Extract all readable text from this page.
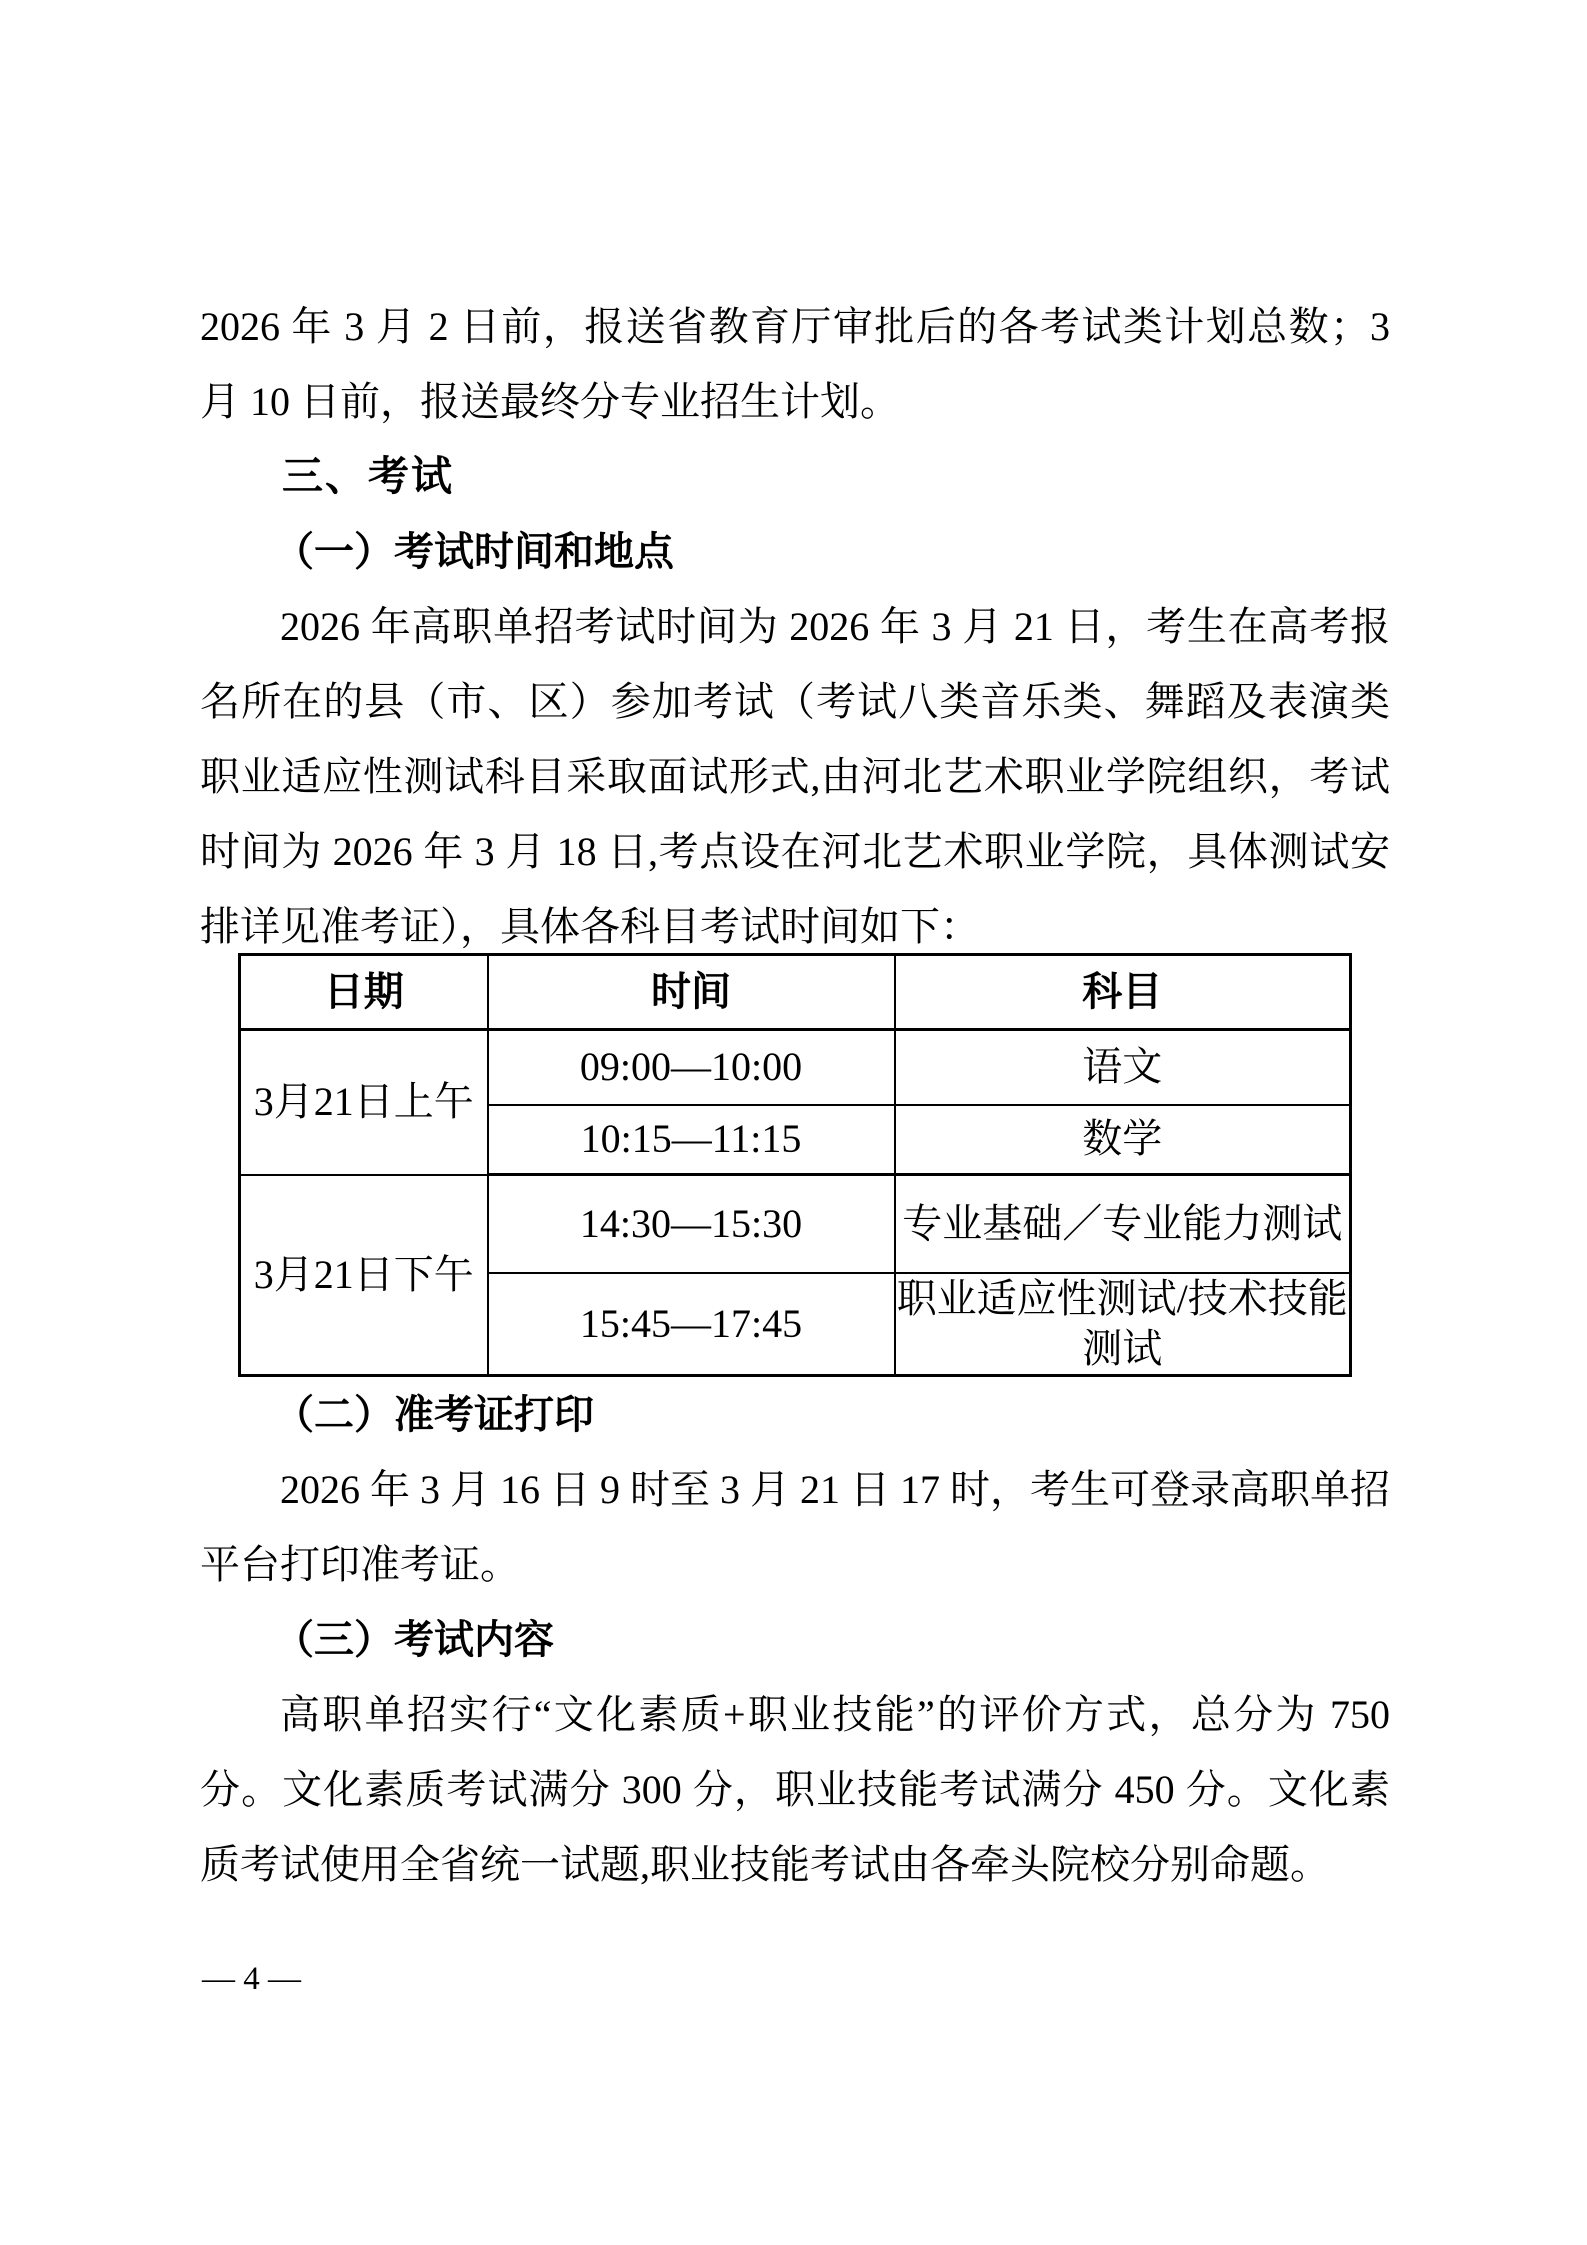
2026 年 3 月 2 日前，报送省教育厅审批后的各考试类计划总数；3 月 10 日前，报送最终分专业招生计划。

三、考试
（一）考试时间和地点

2026 年高职单招考试时间为 2026 年 3 月 21 日，考生在高考报名所在的县（市、区）参加考试（考试八类音乐类、舞蹈及表演类职业适应性测试科目采取面试形式,由河北艺术职业学院组织，考试时间为 2026 年 3 月 18 日,考点设在河北艺术职业学院，具体测试安排详见准考证），具体各科目考试时间如下：

日期	时间	科目
3月21日上午	09:00—10:00	语文
	10:15—11:15	数学
3月21日下午	14:30—15:30	专业基础／专业能力测试
	15:45—17:45	职业适应性测试/技术技能测试
（二）准考证打印

2026 年 3 月 16 日 9 时至 3 月 21 日 17 时，考生可登录高职单招平台打印准考证。

（三）考试内容

高职单招实行“文化素质+职业技能”的评价方式，总分为 750 分。文化素质考试满分 300 分，职业技能考试满分 450 分。文化素质考试使用全省统一试题,职业技能考试由各牵头院校分别命题。

— 4 —
